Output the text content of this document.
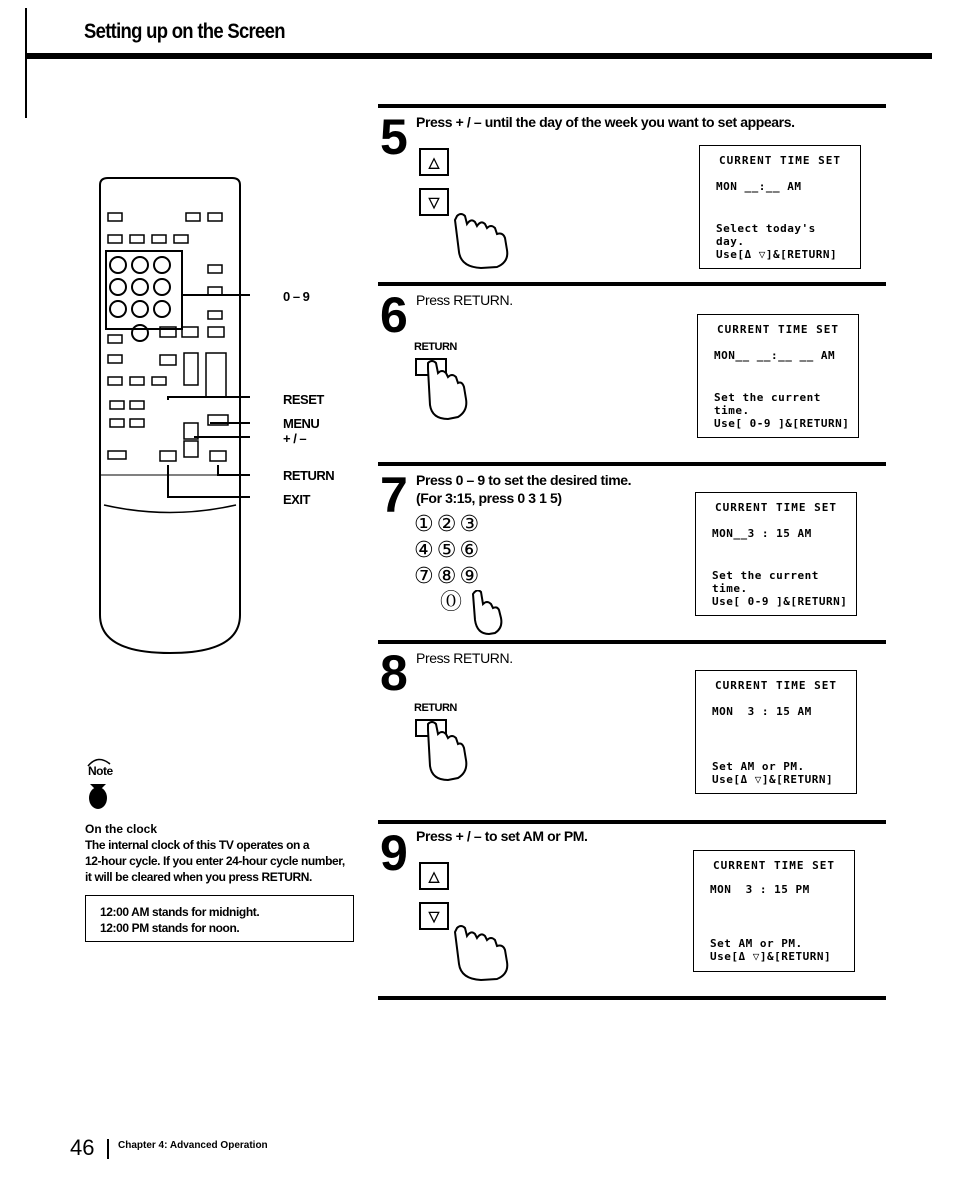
Setting up on the Screen
0 – 9
RESET
MENU
+ / –
RETURN
EXIT
5 Press + / – until the day of the week you want to set appears.
△
▽
CURRENT TIME SET
MON __:__ AM
Select today's
day.
Use[Δ ▽]&[RETURN]
6 Press RETURN.
RETURN
CURRENT TIME SET
MON__ __:__ __ AM
Set the current
time.
Use[ 0-9 ]&[RETURN]
7 Press 0 – 9 to set the desired time.
(For 3:15, press 0 3 1 5)
①②③
④⑤⑥
⑦⑧⑨
⓪
CURRENT TIME SET
MON__3 : 15 AM
Set the current
time.
Use[ 0-9 ]&[RETURN]
8 Press RETURN.
RETURN
CURRENT TIME SET
MON  3 : 15 AM
Set AM or PM.
Use[Δ ▽]&[RETURN]
9 Press + / – to set AM or PM.
△
▽
CURRENT TIME SET
MON  3 : 15 PM
Set AM or PM.
Use[Δ ▽]&[RETURN]
Note
On the clock
The internal clock of this TV operates on a
12-hour cycle. If you enter 24-hour cycle number,
it will be cleared when you press RETURN.
12:00 AM stands for midnight.
12:00 PM stands for noon.
46 Chapter 4: Advanced Operation
